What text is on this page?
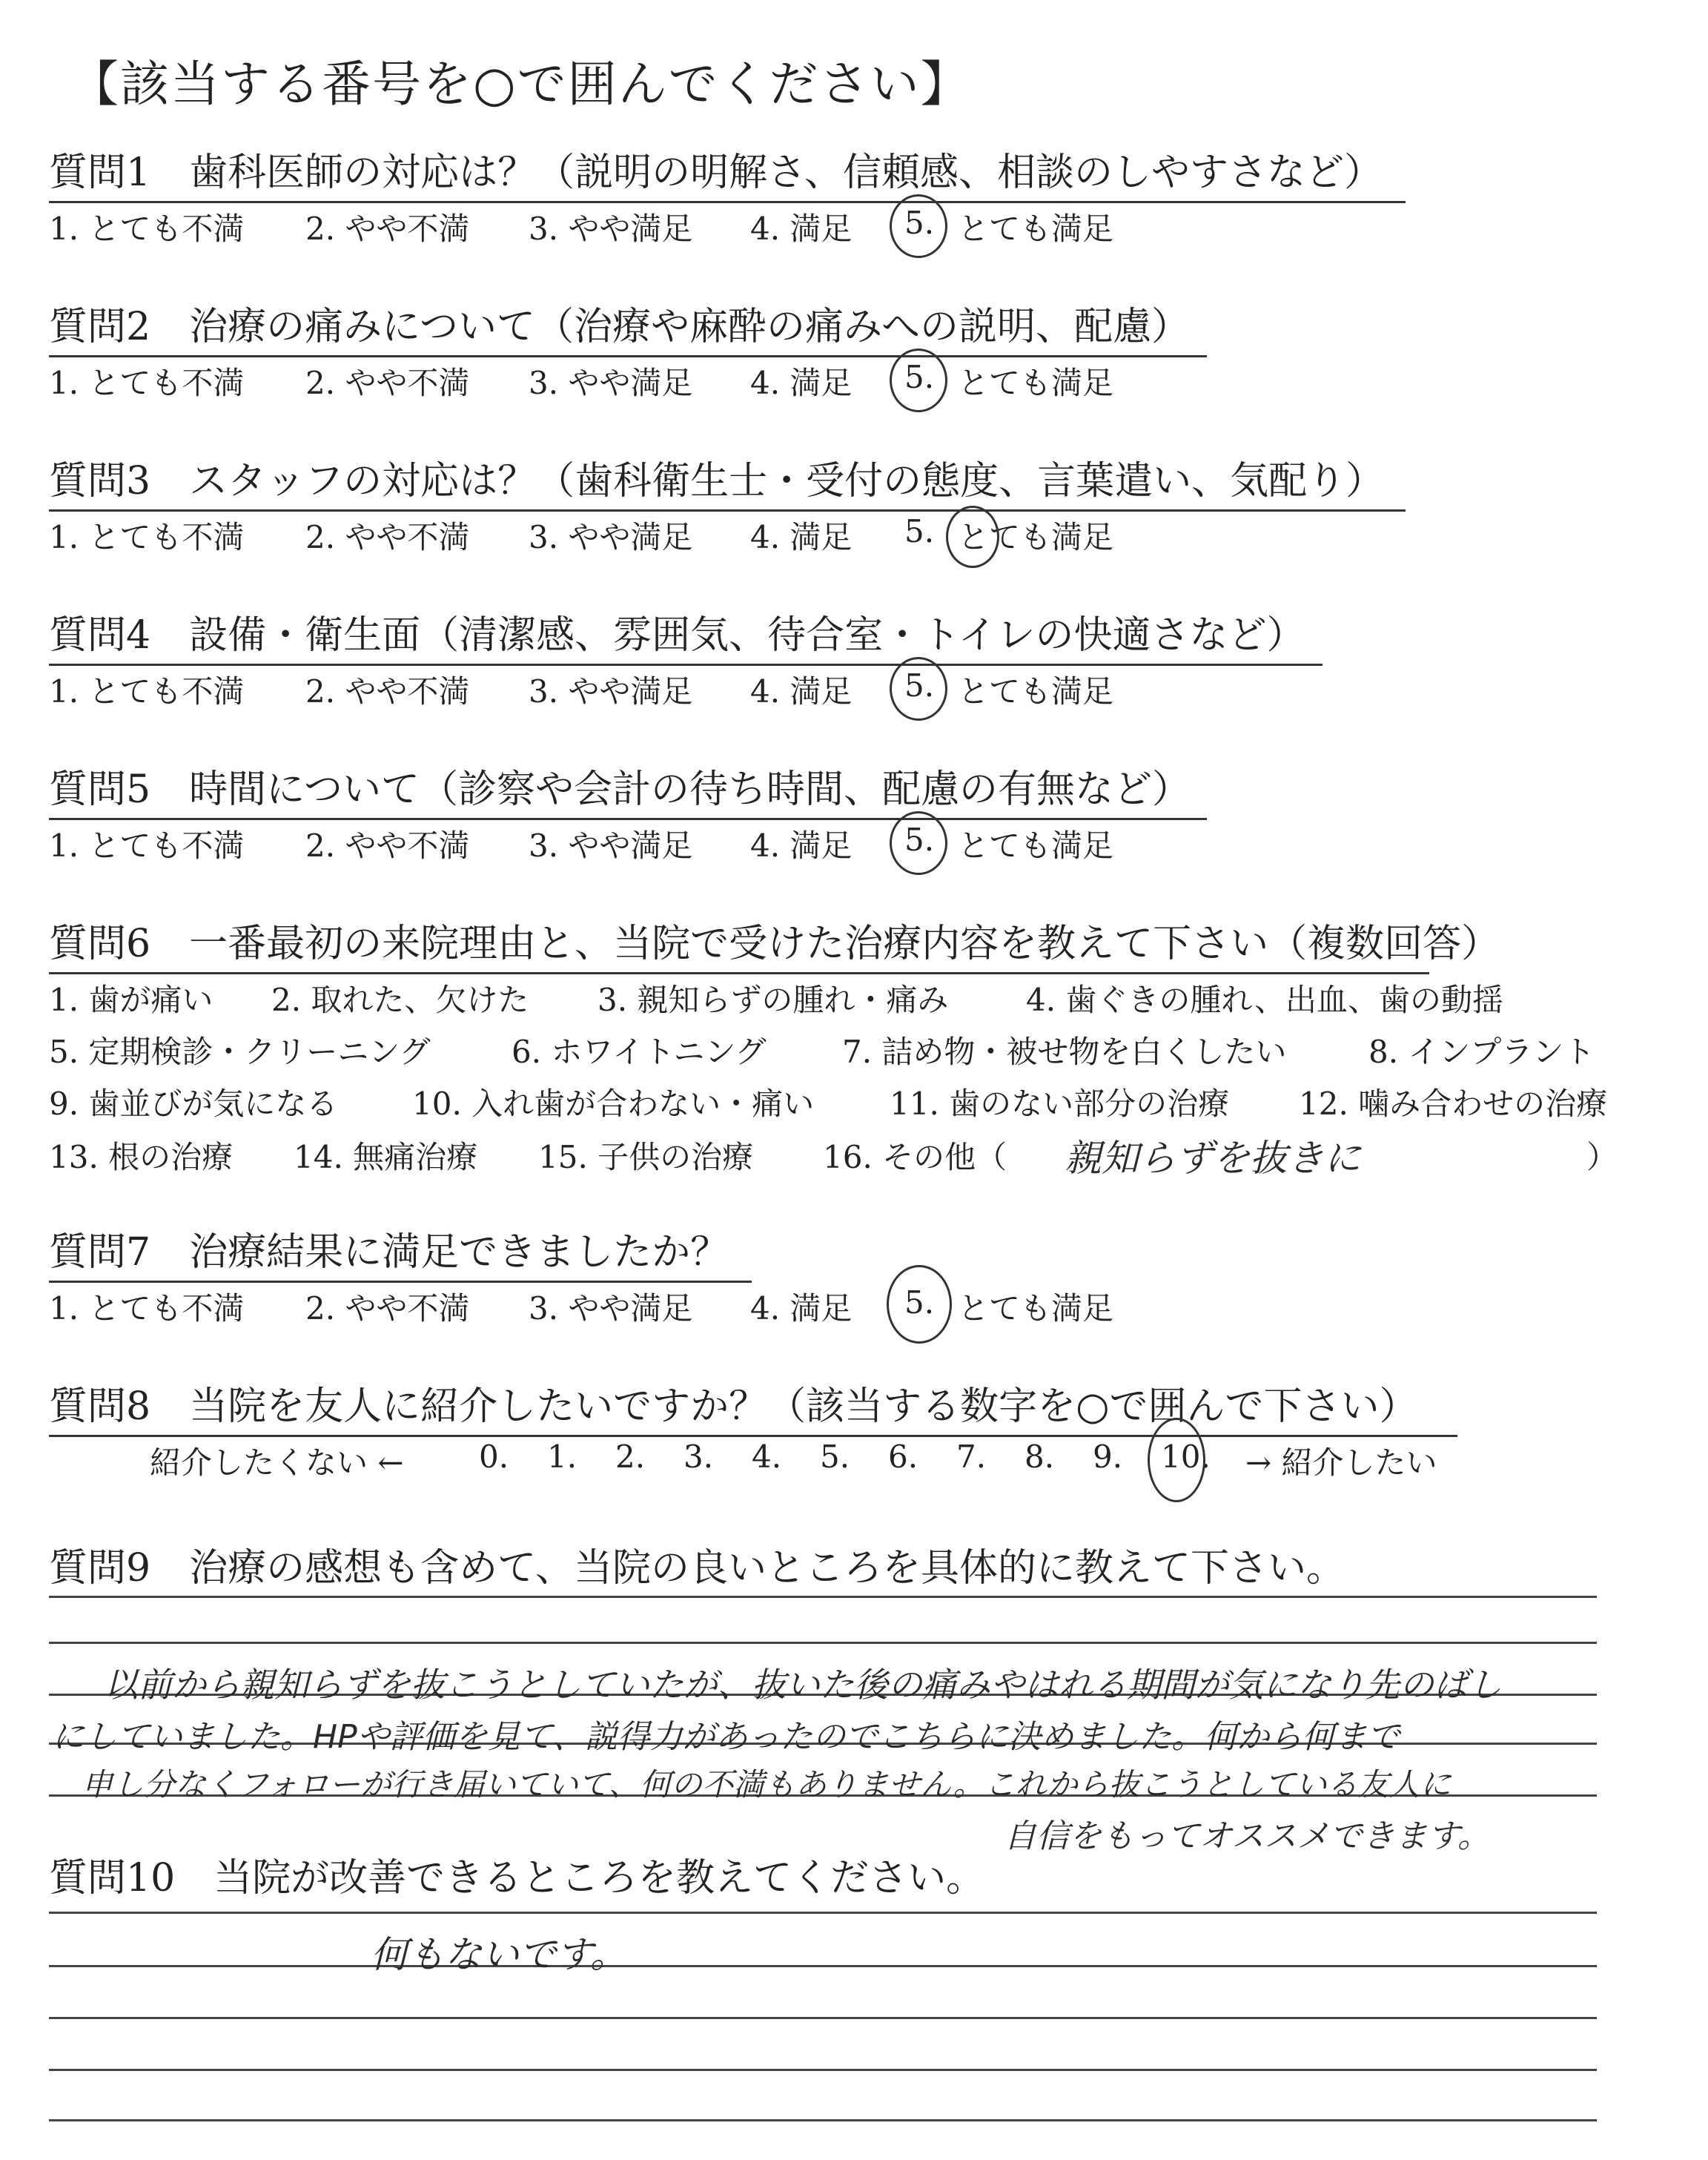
【該当する番号を○で囲んでください】
質問1　歯科医師の対応は？（説明の明解さ、信頼感、相談のしやすさなど）
1. とても不満 2. やや不満 3. やや満足 4. 満足 5. とても満足
質問2　治療の痛みについて（治療や麻酔の痛みへの説明、配慮）
1. とても不満 2. やや不満 3. やや満足 4. 満足 5. とても満足
質問3　スタッフの対応は？（歯科衛生士・受付の態度、言葉遣い、気配り）
1. とても不満 2. やや不満 3. やや満足 4. 満足 5. とても満足
質問4　設備・衛生面（清潔感、雰囲気、待合室・トイレの快適さなど）
1. とても不満 2. やや不満 3. やや満足 4. 満足 5. とても満足
質問5　時間について（診察や会計の待ち時間、配慮の有無など）
1. とても不満 2. やや不満 3. やや満足 4. 満足 5. とても満足
質問6　一番最初の来院理由と、当院で受けた治療内容を教えて下さい（複数回答）
1. 歯が痛い 2. 取れた、欠けた 3. 親知らずの腫れ・痛み 4. 歯ぐきの腫れ、出血、歯の動揺
5. 定期検診・クリーニング	6. ホワイトニング 7. 詰め物・被せ物を白くしたい	8. インプラント
9. 歯並びが気になる 10. 入れ歯が合わない・痛い 11. 歯のない部分の治療 12. 噛み合わせの治療
13. 根の治療 14. 無痛治療 15. 子供の治療 16. その他（	）
親知らずを抜きに
質問7　治療結果に満足できましたか？
1. とても不満 2. やや不満 3. やや満足 4. 満足 5. とても満足
質問8　当院を友人に紹介したいですか？（該当する数字を○で囲んで下さい）
紹介したくない ← 0. 1. 2. 3. 4. 5. 6. 7. 8. 9. 10. → 紹介したい
質問9　治療の感想も含めて、当院の良いところを具体的に教えて下さい。
以前から親知らずを抜こうとしていたが、抜いた後の痛みやはれる期間が気になり先のばし
にしていました。HPや評価を見て、説得力があったのでこちらに決めました。何から何まで
申し分なくフォローが行き届いていて、何の不満もありません。これから抜こうとしている友人に
自信をもってオススメできます。
質問10　当院が改善できるところを教えてください。
何もないです。
